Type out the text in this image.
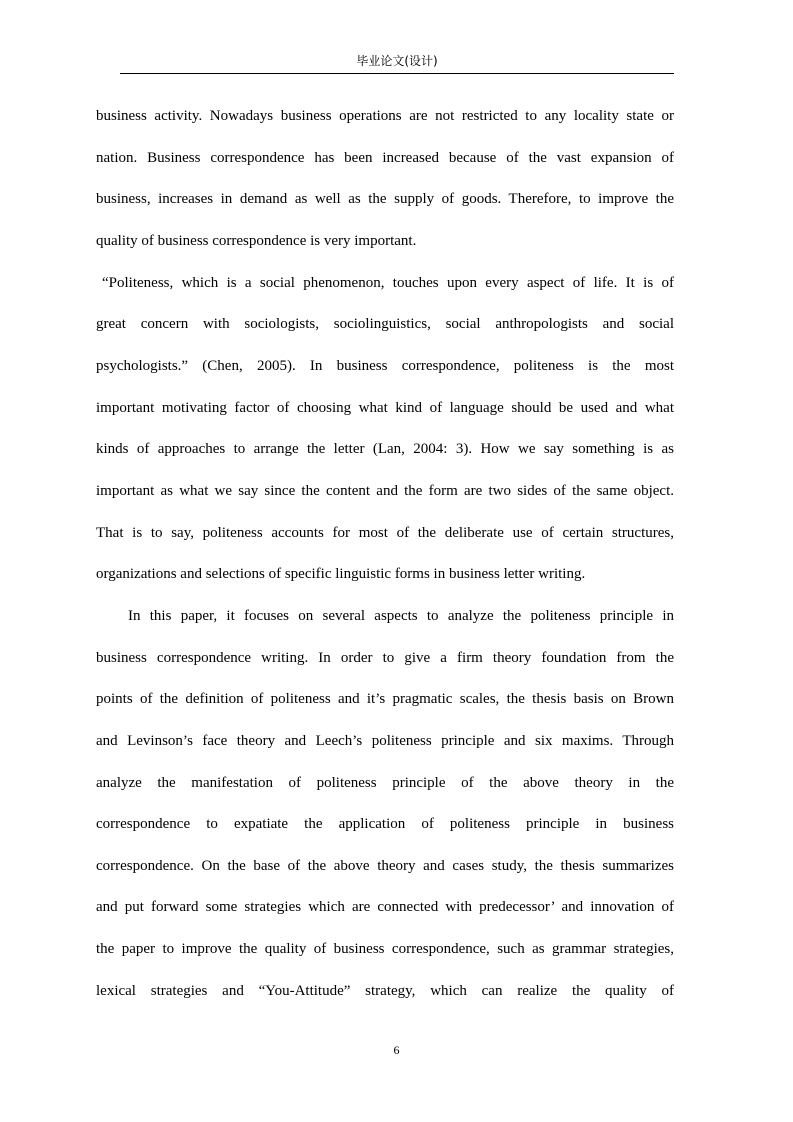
毕业论文(设计)
business activity. Nowadays business operations are not restricted to any locality state or
nation. Business correspondence has been increased because of the vast expansion of
business, increases in demand as well as the supply of goods. Therefore, to improve the
quality of business correspondence is very important.
“Politeness, which is a social phenomenon, touches upon every aspect of life. It is of
great concern with sociologists, sociolinguistics, social anthropologists and social
psychologists.” (Chen, 2005). In business correspondence, politeness is the most
important motivating factor of choosing what kind of language should be used and what
kinds of approaches to arrange the letter (Lan, 2004: 3). How we say something is as
important as what we say since the content and the form are two sides of the same object.
That is to say, politeness accounts for most of the deliberate use of certain structures,
organizations and selections of specific linguistic forms in business letter writing.
In this paper, it focuses on several aspects to analyze the politeness principle in
business correspondence writing. In order to give a firm theory foundation from the
points of the definition of politeness and it’s pragmatic scales, the thesis basis on Brown
and Levinson’s face theory and Leech’s politeness principle and six maxims. Through
analyze the manifestation of politeness principle of the above theory in the
correspondence to expatiate the application of politeness principle in business
correspondence. On the base of the above theory and cases study, the thesis summarizes
and put forward some strategies which are connected with predecessor’ and innovation of
the paper to improve the quality of business correspondence, such as grammar strategies,
lexical strategies and “You-Attitude” strategy, which can realize the quality of
6
